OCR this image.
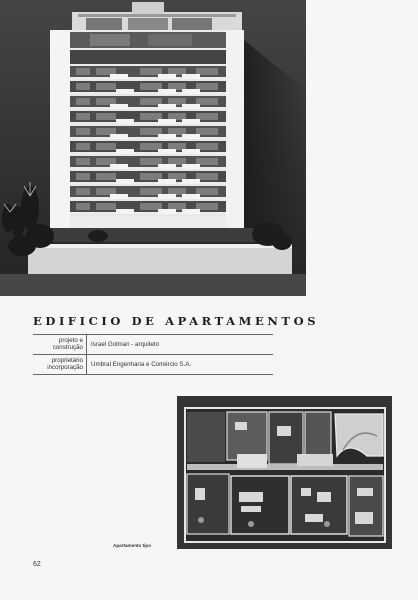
EDIFICIO DE APARTAMENTOS
projeto e
construção
Israel Golman - arquiteto
proprietário
incorporação
Umbral Engenharia e Comércio S.A.
Apartamento tipo
62
